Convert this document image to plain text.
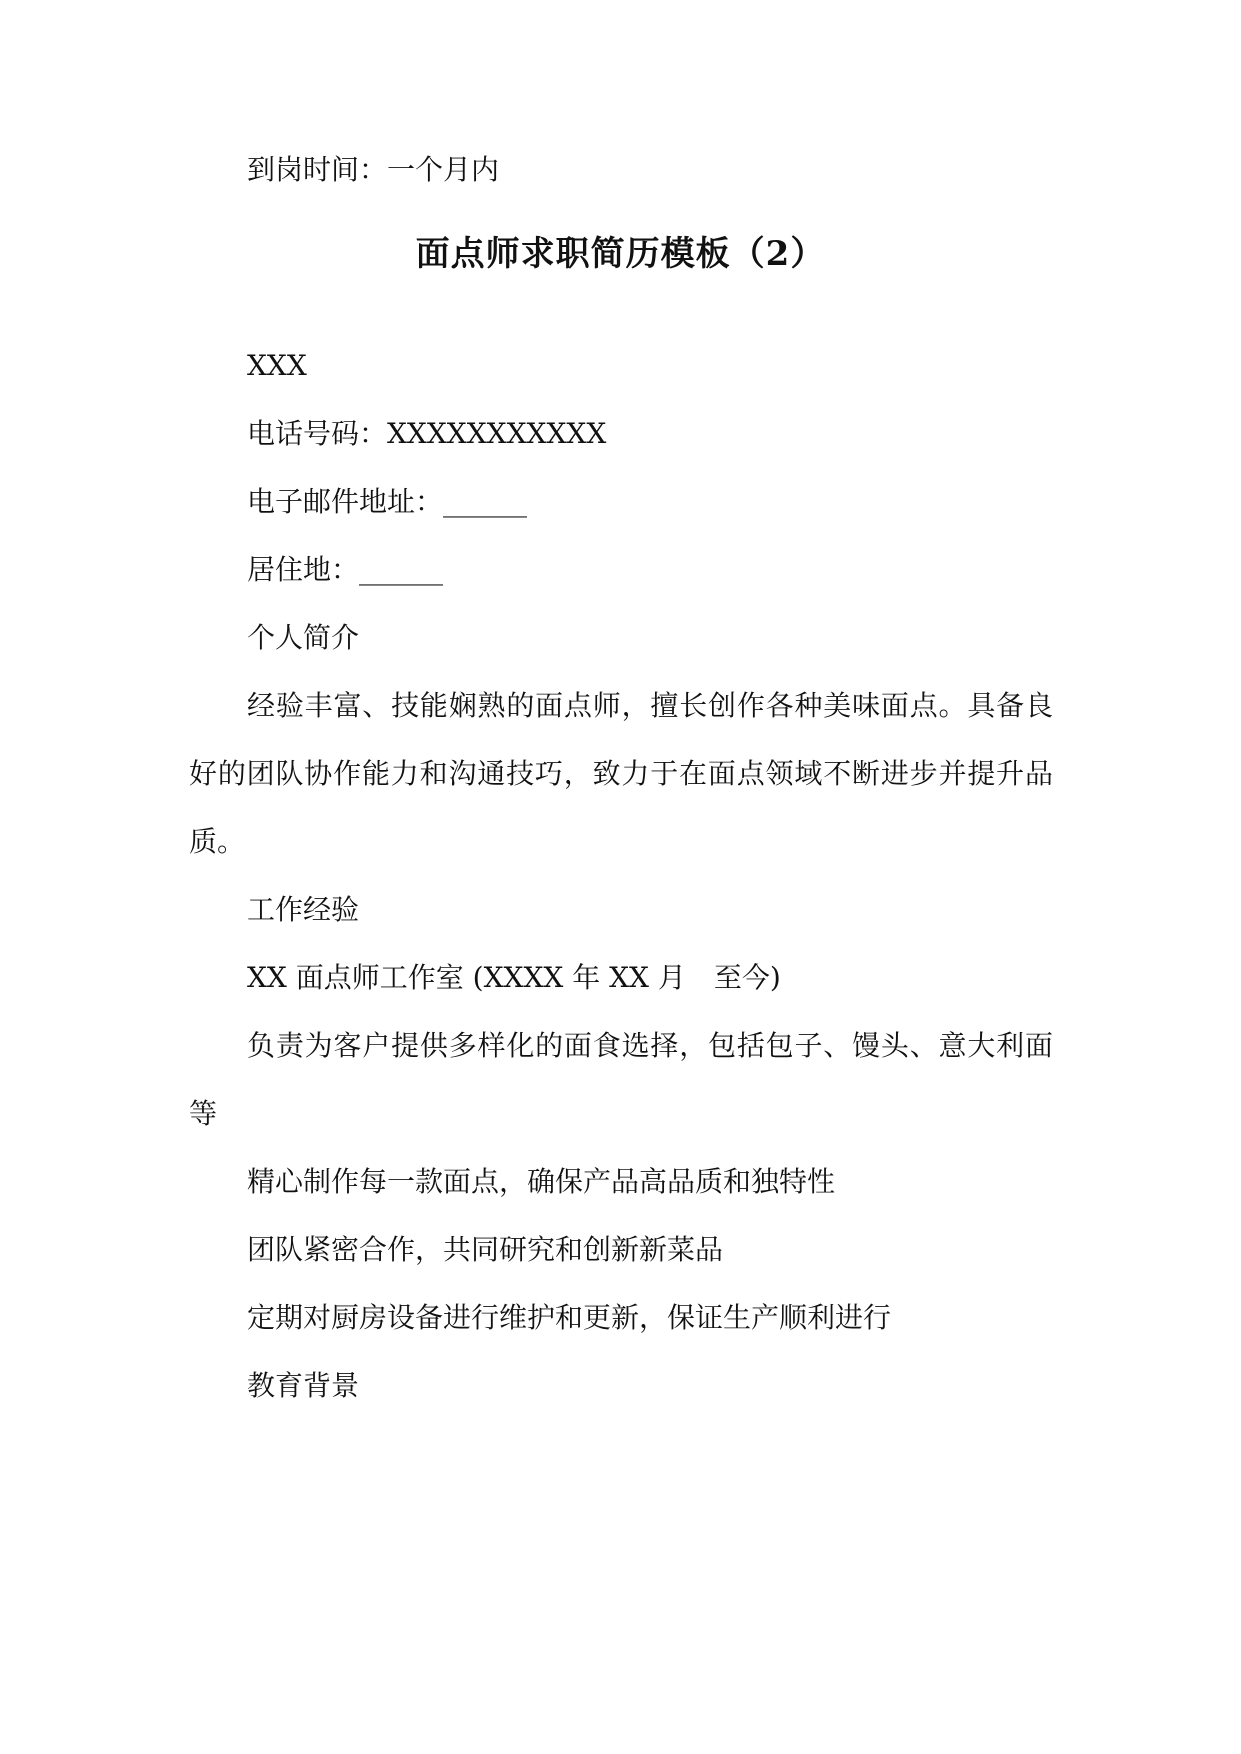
到岗时间：一个月内
面点师求职简历模板（2）
XXX
电话号码：XXXXXXXXXXX
电子邮件地址：______
居住地：______
个人简介
经验丰富、技能娴熟的面点师，擅长创作各种美味面点。具备良
好的团队协作能力和沟通技巧，致力于在面点领域不断进步并提升品
质。
工作经验
XX 面点师工作室 (XXXX 年 XX 月　至今)
负责为客户提供多样化的面食选择，包括包子、馒头、意大利面
等
精心制作每一款面点，确保产品高品质和独特性
团队紧密合作，共同研究和创新新菜品
定期对厨房设备进行维护和更新，保证生产顺利进行
教育背景
